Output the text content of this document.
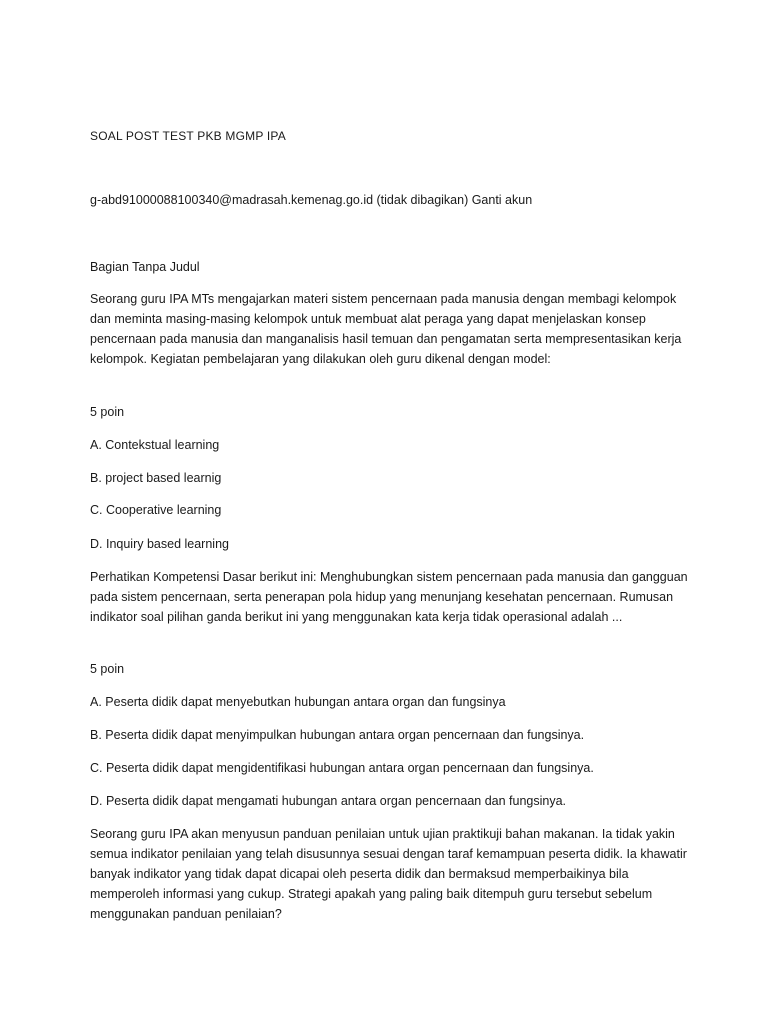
SOAL POST TEST PKB MGMP IPA

g-abd91000088100340@madrasah.kemenag.go.id (tidak dibagikan) Ganti akun

Bagian Tanpa Judul

Seorang guru IPA MTs mengajarkan materi sistem pencernaan pada manusia dengan membagi kelompok dan meminta masing-masing kelompok untuk membuat alat peraga yang dapat menjelaskan konsep pencernaan pada manusia dan manganalisis hasil temuan dan pengamatan serta mempresentasikan kerja kelompok. Kegiatan pembelajaran yang dilakukan oleh guru dikenal dengan model:

5 poin

A. Contekstual learning

B. project based learnig

C. Cooperative learning

D. Inquiry based learning

Perhatikan Kompetensi Dasar berikut ini: Menghubungkan sistem pencernaan pada manusia dan gangguan pada sistem pencernaan, serta penerapan pola hidup yang menunjang kesehatan pencernaan. Rumusan indikator soal pilihan ganda berikut ini yang menggunakan kata kerja tidak operasional adalah ...

5 poin

A. Peserta didik dapat menyebutkan hubungan antara organ dan fungsinya

B. Peserta didik dapat menyimpulkan hubungan antara organ pencernaan dan fungsinya.

C. Peserta didik dapat mengidentifikasi hubungan antara organ pencernaan dan fungsinya.

D. Peserta didik dapat mengamati hubungan antara organ pencernaan dan fungsinya.

Seorang guru IPA akan menyusun panduan penilaian untuk ujian praktikuji bahan makanan. Ia tidak yakin semua indikator penilaian yang telah disusunnya sesuai dengan taraf kemampuan peserta didik. Ia khawatir banyak indikator yang tidak dapat dicapai oleh peserta didik dan bermaksud memperbaikinya bila memperoleh informasi yang cukup. Strategi apakah yang paling baik ditempuh guru tersebut sebelum menggunakan panduan penilaian?
